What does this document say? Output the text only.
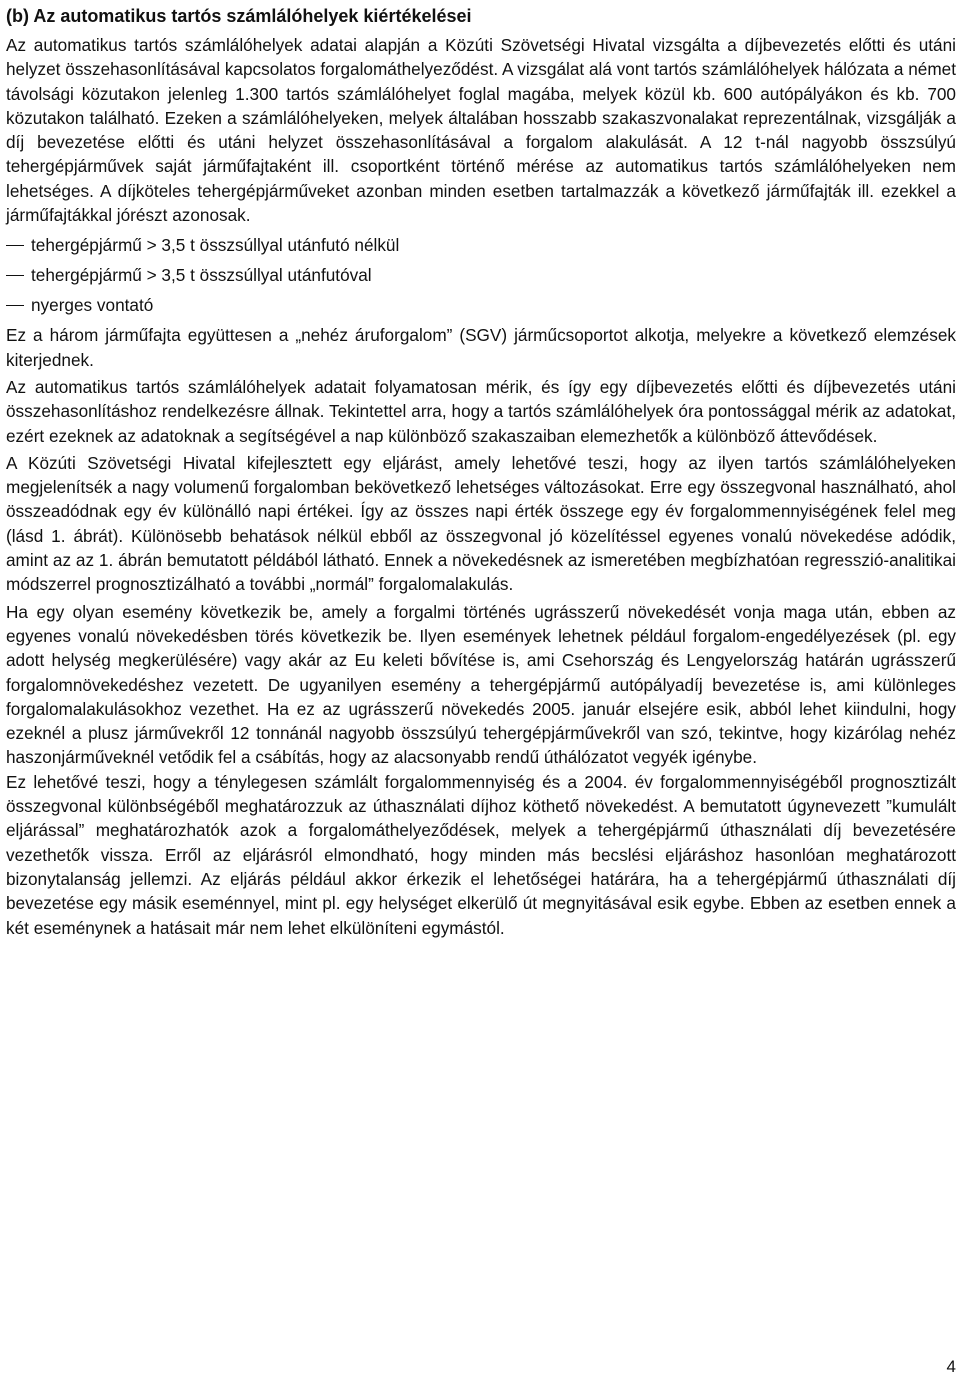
(b) Az automatikus tartós számlálóhelyek kiértékelései

Az automatikus tartós számlálóhelyek adatai alapján a Közúti Szövetségi Hivatal vizsgálta a díjbevezetés előtti és utáni helyzet összehasonlításával kapcsolatos forgalomáthelyeződést. A vizsgálat alá vont tartós számlálóhelyek hálózata a német távolsági közutakon jelenleg 1.300 tartós számlálóhelyet foglal magába, melyek közül kb. 600 autópályákon és kb. 700 közutakon található. Ezeken a számlálóhelyeken, melyek általában hosszabb szakaszvonalakat reprezentálnak, vizsgálják a díj bevezetése előtti és utáni helyzet összehasonlításával a forgalom alakulását. A 12 t-nál nagyobb összsúlyú tehergépjárművek saját járműfajtaként ill. csoportként történő mérése az automatikus tartós számlálóhelyeken nem lehetséges. A díjköteles tehergépjárműveket azonban minden esetben tartalmazzák a következő járműfajták ill. ezekkel a járműfajtákkal jórészt azonosak.

tehergépjármű > 3,5 t összsúllyal utánfutó nélkül
tehergépjármű > 3,5 t összsúllyal utánfutóval
nyerges vontató

Ez a három járműfajta együttesen a „nehéz áruforgalom” (SGV) járműcsoportot alkotja, melyekre a következő elemzések kiterjednek.

Az automatikus tartós számlálóhelyek adatait folyamatosan mérik, és így egy díjbevezetés előtti és díjbevezetés utáni összehasonlításhoz rendelkezésre állnak. Tekintettel arra, hogy a tartós számlálóhelyek óra pontossággal mérik az adatokat, ezért ezeknek az adatoknak a segítségével a nap különböző szakaszaiban elemezhetők a különböző áttevődések.

A Közúti Szövetségi Hivatal kifejlesztett egy eljárást, amely lehetővé teszi, hogy az ilyen tartós számlálóhelyeken megjelenítsék a nagy volumenű forgalomban bekövetkező lehetséges változásokat. Erre egy összegvonal használható, ahol összeadódnak egy év különálló napi értékei. Így az összes napi érték összege egy év forgalommennyiségének felel meg (lásd 1. ábrát). Különösebb behatások nélkül ebből az összegvonal jó közelítéssel egyenes vonalú növekedése adódik, amint az az 1. ábrán bemutatott példából látható. Ennek a növekedésnek az ismeretében megbízhatóan regresszió-analitikai módszerrel prognosztizálható a további „normál” forgalomalakulás.

Ha egy olyan esemény következik be, amely a forgalmi történés ugrásszerű növekedését vonja maga után, ebben az egyenes vonalú növekedésben törés következik be. Ilyen események lehetnek például forgalom-engedélyezések (pl. egy adott helység megkerülésére) vagy akár az Eu keleti bővítése is, ami Csehország és Lengyelország határán ugrásszerű forgalomnövekedéshez vezetett. De ugyanilyen esemény a tehergépjármű autópályadíj bevezetése is, ami különleges forgalomalakulásokhoz vezethet. Ha ez az ugrásszerű növekedés 2005. január elsejére esik, abból lehet kiindulni, hogy ezeknél a plusz járművekről 12 tonnánál nagyobb összsúlyú tehergépjárművekről van szó, tekintve, hogy kizárólag nehéz haszonjárműveknél vetődik fel a csábítás, hogy az alacsonyabb rendű úthálózatot vegyék igénybe.

Ez lehetővé teszi, hogy a ténylegesen számlált forgalommennyiség és a 2004. év forgalommennyiségéből prognosztizált összegvonal különbségéből meghatározzuk az úthasználati díjhoz köthető növekedést. A bemutatott úgynevezett ”kumulált eljárással” meghatározhatók azok a forgalomáthelyeződések, melyek a tehergépjármű úthasználati díj bevezetésére vezethetők vissza. Erről az eljárásról elmondható, hogy minden más becslési eljáráshoz hasonlóan meghatározott bizonytalanság jellemzi. Az eljárás például akkor érkezik el lehetőségei határára, ha a tehergépjármű úthasználati díj bevezetése egy másik eseménnyel, mint pl. egy helységet elkerülő út megnyitásával esik egybe. Ebben az esetben ennek a két eseménynek a hatásait már nem lehet elkülöníteni egymástól.

4
